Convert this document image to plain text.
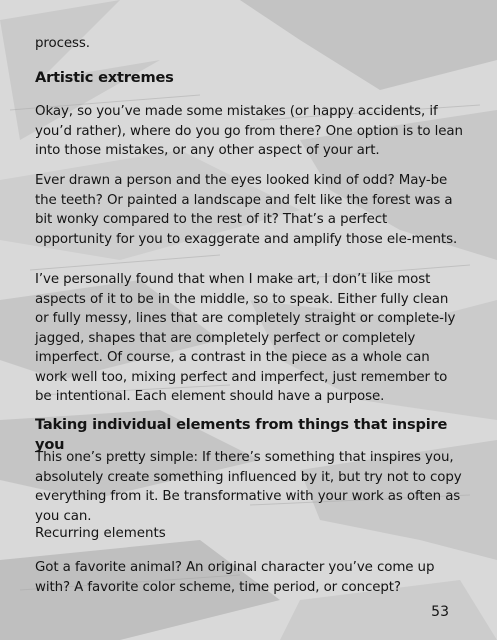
process.

Artistic extremes

Okay, so you’ve made some mistakes (or happy accidents, if you’d rather), where do you go from there? One option is to lean into those mistakes, or any other aspect of your art.

Ever drawn a person and the eyes looked kind of odd? May-be the teeth? Or painted a landscape and felt like the forest was a bit wonky compared to the rest of it? That’s a perfect opportunity for you to exaggerate and amplify those ele-ments.

I’ve personally found that when I make art, I don’t like most aspects of it to be in the middle, so to speak. Either fully clean or fully messy, lines that are completely straight or complete-ly jagged, shapes that are completely perfect or completely imperfect. Of course, a contrast in the piece as a whole can work well too, mixing perfect and imperfect, just remember to be intentional. Each element should have a purpose.

Taking individual elements from things that inspire you

This one’s pretty simple: If there’s something that inspires you, absolutely create something influenced by it, but try not to copy everything from it. Be transformative with your work as often as you can.

Recurring elements

Got a favorite animal? An original character you’ve come up with? A favorite color scheme, time period, or concept?

53
